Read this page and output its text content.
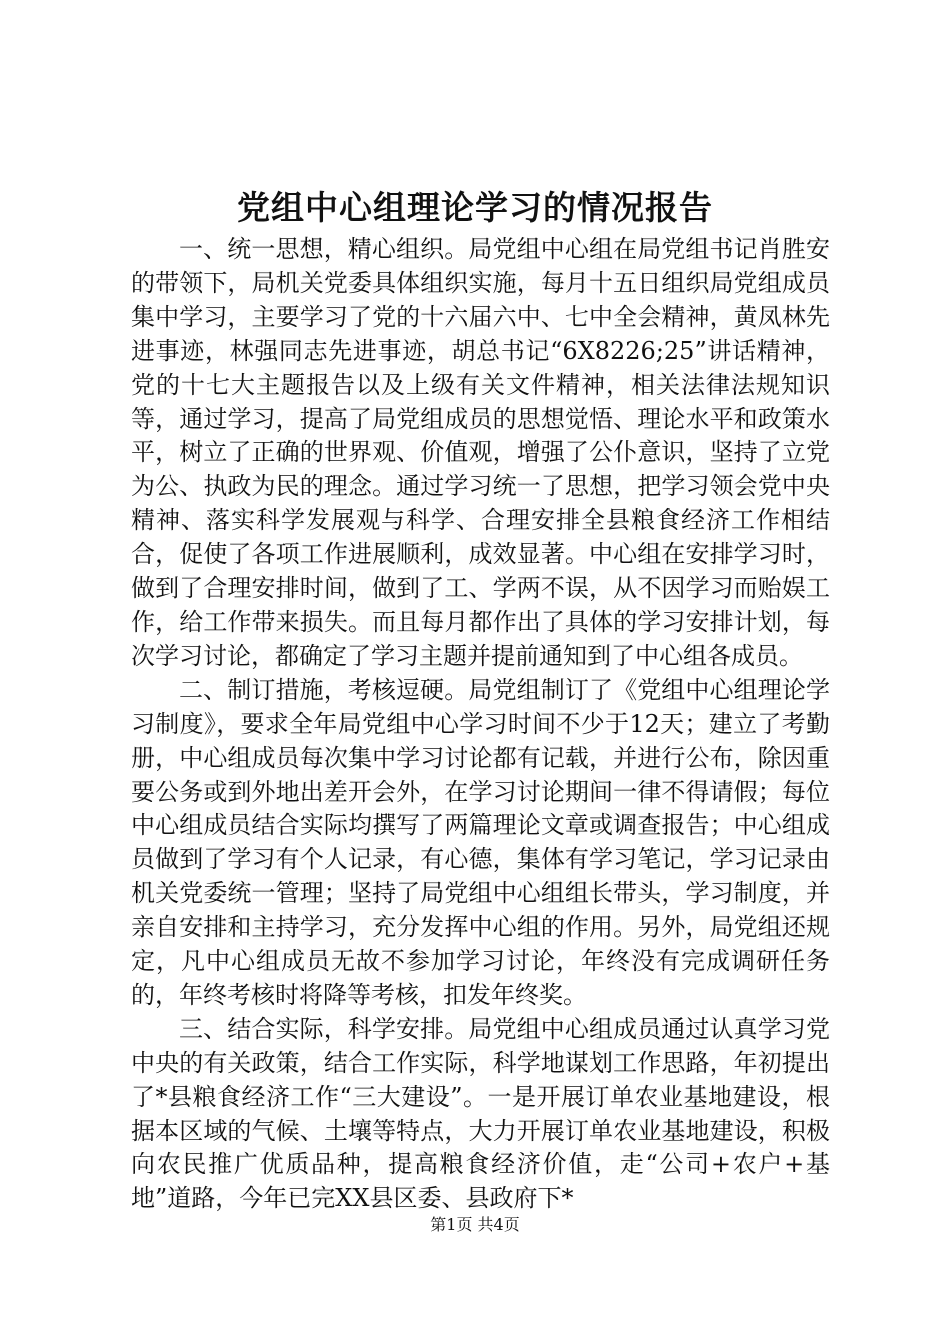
党组中心组理论学习的情况报告

一、统一思想，精心组织。局党组中心组在局党组书记肖胜安的带领下，局机关党委具体组织实施，每月十五日组织局党组成员集中学习，主要学习了党的十六届六中、七中全会精神，黄凤林先进事迹，林强同志先进事迹，胡总书记“6X8226;25”讲话精神，党的十七大主题报告以及上级有关文件精神，相关法律法规知识等，通过学习，提高了局党组成员的思想觉悟、理论水平和政策水平，树立了正确的世界观、价值观，增强了公仆意识，坚持了立党为公、执政为民的理念。通过学习统一了思想，把学习领会党中央精神、落实科学发展观与科学、合理安排全县粮食经济工作相结合，促使了各项工作进展顺利，成效显著。中心组在安排学习时，做到了合理安排时间，做到了工、学两不误，从不因学习而贻娱工作，给工作带来损失。而且每月都作出了具体的学习安排计划，每次学习讨论，都确定了学习主题并提前通知到了中心组各成员。

二、制订措施，考核逗硬。局党组制订了《党组中心组理论学习制度》，要求全年局党组中心学习时间不少于12天；建立了考勤册，中心组成员每次集中学习讨论都有记载，并进行公布，除因重要公务或到外地出差开会外，在学习讨论期间一律不得请假；每位中心组成员结合实际均撰写了两篇理论文章或调查报告；中心组成员做到了学习有个人记录，有心德，集体有学习笔记，学习记录由机关党委统一管理；坚持了局党组中心组组长带头，学习制度，并亲自安排和主持学习，充分发挥中心组的作用。另外，局党组还规定，凡中心组成员无故不参加学习讨论，年终没有完成调研任务的，年终考核时将降等考核，扣发年终奖。

三、结合实际，科学安排。局党组中心组成员通过认真学习党中央的有关政策，结合工作实际，科学地谋划工作思路，年初提出了*县粮食经济工作“三大建设”。一是开展订单农业基地建设，根据本区域的气候、土壤等特点，大力开展订单农业基地建设，积极向农民推广优质品种，提高粮食经济价值，走“公司+农户+基地”道路，今年已完XX县区委、县政府下*

第1页 共4页
